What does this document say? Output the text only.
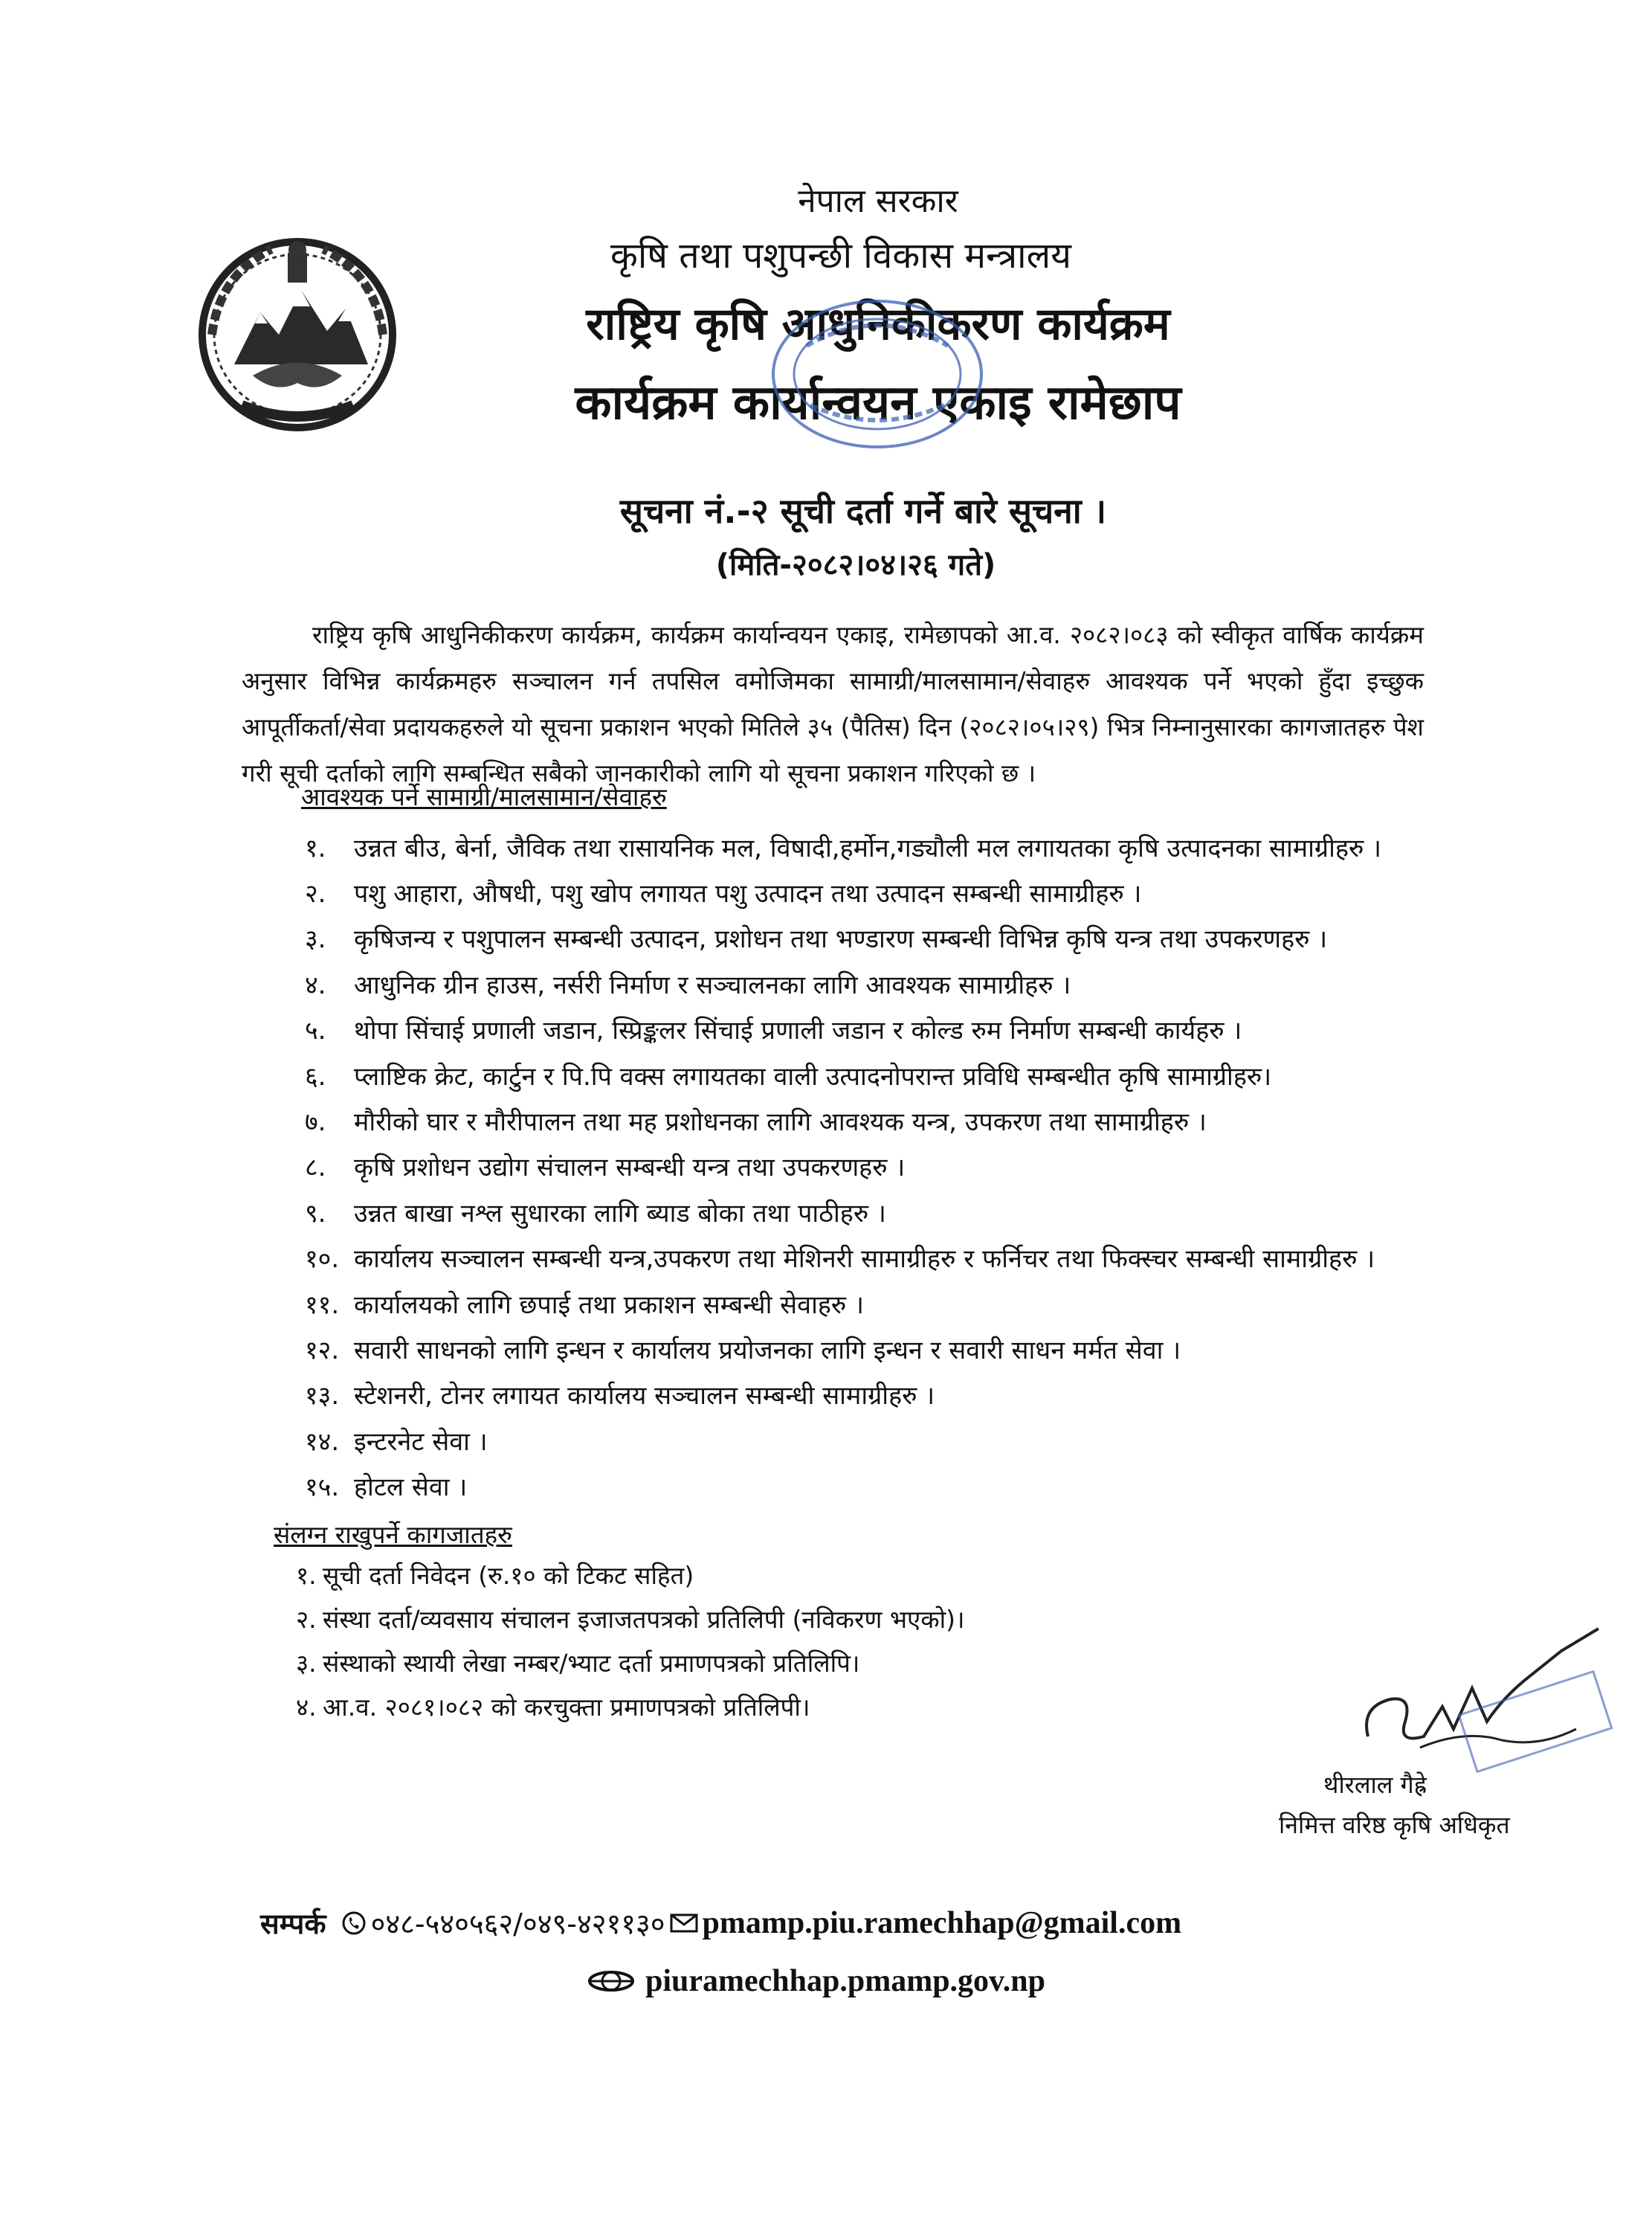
नेपाल सरकार
कृषि तथा पशुपन्छी विकास मन्त्रालय
राष्ट्रिय कृषि आधुनिकीकरण कार्यक्रम
कार्यक्रम कार्यान्वयन एकाइ रामेछाप
सूचना नं.-२ सूची दर्ता गर्ने बारे सूचना ।
(मिति-२०८२।०४।२६ गते)

राष्ट्रिय कृषि आधुनिकीकरण कार्यक्रम, कार्यक्रम कार्यान्वयन एकाइ, रामेछापको आ.व. २०८२।०८३ को स्वीकृत वार्षिक कार्यक्रम अनुसार विभिन्न कार्यक्रमहरु सञ्चालन गर्न तपसिल वमोजिमका सामाग्री/मालसामान/सेवाहरु आवश्यक पर्ने भएको हुँदा इच्छुक आपूर्तीकर्ता/सेवा प्रदायकहरुले यो सूचना प्रकाशन भएको मितिले ३५ (पैतिस) दिन (२०८२।०५।२९) भित्र निम्नानुसारका कागजातहरु पेश गरी सूची दर्ताको लागि सम्बन्धित सबैको जानकारीको लागि यो सूचना प्रकाशन गरिएको छ ।

आवश्यक पर्ने सामाग्री/मालसामान/सेवाहरु
१.	उन्नत बीउ, बेर्ना, जैविक तथा रासायनिक मल, विषादी,हर्मोन,गड्यौली मल लगायतका कृषि उत्पादनका सामाग्रीहरु ।
२.	पशु आहारा, औषधी, पशु खोप लगायत पशु उत्पादन तथा उत्पादन सम्बन्धी सामाग्रीहरु ।
३.	कृषिजन्य र पशुपालन सम्बन्धी उत्पादन, प्रशोधन तथा भण्डारण सम्बन्धी विभिन्न कृषि यन्त्र तथा उपकरणहरु ।
४.	आधुनिक ग्रीन हाउस, नर्सरी निर्माण र सञ्चालनका लागि आवश्यक सामाग्रीहरु ।
५.	थोपा सिंचाई प्रणाली जडान, स्प्रिङ्कलर सिंचाई प्रणाली जडान र कोल्ड रुम निर्माण सम्बन्धी कार्यहरु ।
६.	प्लाष्टिक क्रेट, कार्टुन र पि.पि वक्स लगायतका वाली उत्पादनोपरान्त प्रविधि सम्बन्धीत कृषि सामाग्रीहरु।
७.	मौरीको घार र मौरीपालन तथा मह प्रशोधनका लागि आवश्यक यन्त्र, उपकरण तथा सामाग्रीहरु ।
८.	कृषि प्रशोधन उद्योग संचालन सम्बन्धी यन्त्र तथा उपकरणहरु ।
९.	उन्नत बाखा नश्ल सुधारका लागि ब्याड बोका तथा पाठीहरु ।
१०. कार्यालय सञ्चालन सम्बन्धी यन्त्र,उपकरण तथा मेशिनरी सामाग्रीहरु र फर्निचर तथा फिक्स्चर सम्बन्धी सामाग्रीहरु ।
११. कार्यालयको लागि छपाई तथा प्रकाशन सम्बन्धी सेवाहरु ।
१२. सवारी साधनको लागि इन्धन र कार्यालय प्रयोजनका लागि इन्धन र सवारी साधन मर्मत सेवा ।
१३. स्टेशनरी, टोनर लगायत कार्यालय सञ्चालन सम्बन्धी सामाग्रीहरु ।
१४. इन्टरनेट सेवा ।
१५. होटल सेवा ।
संलग्न राखुपर्ने कागजातहरु
१. सूची दर्ता निवेदन (रु.१० को टिकट सहित)
२. संस्था दर्ता/व्यवसाय संचालन इजाजतपत्रको प्रतिलिपी (नविकरण भएको)।
३. संस्थाको स्थायी लेखा नम्बर/भ्याट दर्ता प्रमाणपत्रको प्रतिलिपि।
४. आ.व. २०८१।०८२ को करचुक्ता प्रमाणपत्रको प्रतिलिपी।
थीरलाल गैह्रे
निमित्त वरिष्ठ कृषि अधिकृत
सम्पर्क ०४८-५४०५६२/०४९-४२११३० pmamp.piu.ramechhap@gmail.com
piuramechhap.pmamp.gov.np
